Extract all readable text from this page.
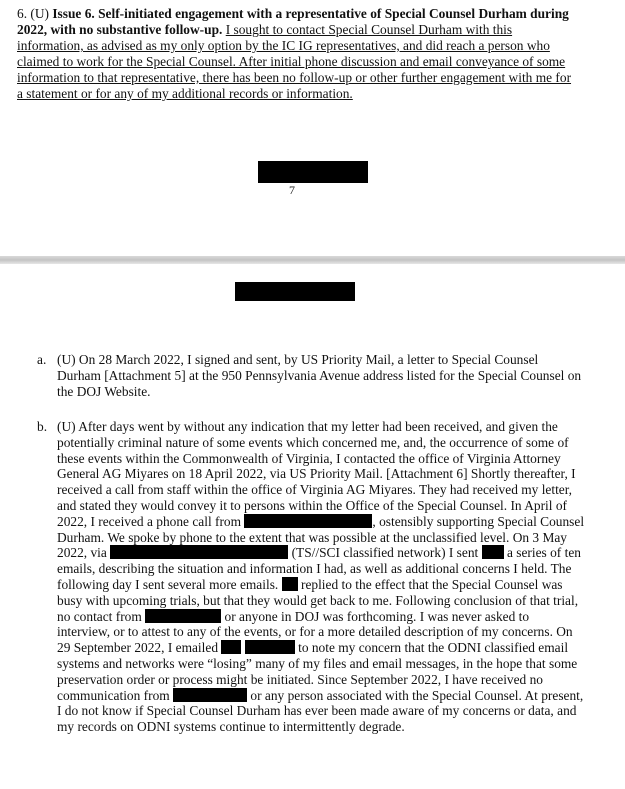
6. (U) Issue 6. Self-initiated engagement with a representative of Special Counsel Durham during 2022, with no substantive follow-up. I sought to contact Special Counsel Durham with this information, as advised as my only option by the IC IG representatives, and did reach a person who claimed to work for the Special Counsel. After initial phone discussion and email conveyance of some information to that representative, there has been no follow-up or other further engagement with me for a statement or for any of my additional records or information.
7
a. (U) On 28 March 2022, I signed and sent, by US Priority Mail, a letter to Special Counsel Durham [Attachment 5] at the 950 Pennsylvania Avenue address listed for the Special Counsel on the DOJ Website.
b. (U) After days went by without any indication that my letter had been received, and given the potentially criminal nature of some events which concerned me, and, the occurrence of some of these events within the Commonwealth of Virginia, I contacted the office of Virginia Attorney General AG Miyares on 18 April 2022, via US Priority Mail. [Attachment 6] Shortly thereafter, I received a call from staff within the office of Virginia AG Miyares. They had received my letter, and stated they would convey it to persons within the Office of the Special Counsel. In April of 2022, I received a phone call from	, ostensibly supporting Special Counsel Durham. We spoke by phone to the extent that was possible at the unclassified level. On 3 May 2022, via	(TS//SCI classified network) I sent a series of ten emails, describing the situation and information I had, as well as additional concerns I held. The following day I sent several more emails. replied to the effect that the Special Counsel was busy with upcoming trials, but that they would get back to me. Following conclusion of that trial, no contact from	or anyone in DOJ was forthcoming. I was never asked to interview, or to attest to any of the events, or for a more detailed description of my concerns. On 29 September 2022, I emailed	to note my concern that the ODNI classified email systems and networks were “losing” many of my files and email messages, in the hope that some preservation order or process might be initiated. Since September 2022, I have received no communication from	or any person associated with the Special Counsel. At present, I do not know if Special Counsel Durham has ever been made aware of my concerns or data, and my records on ODNI systems continue to intermittently degrade.
